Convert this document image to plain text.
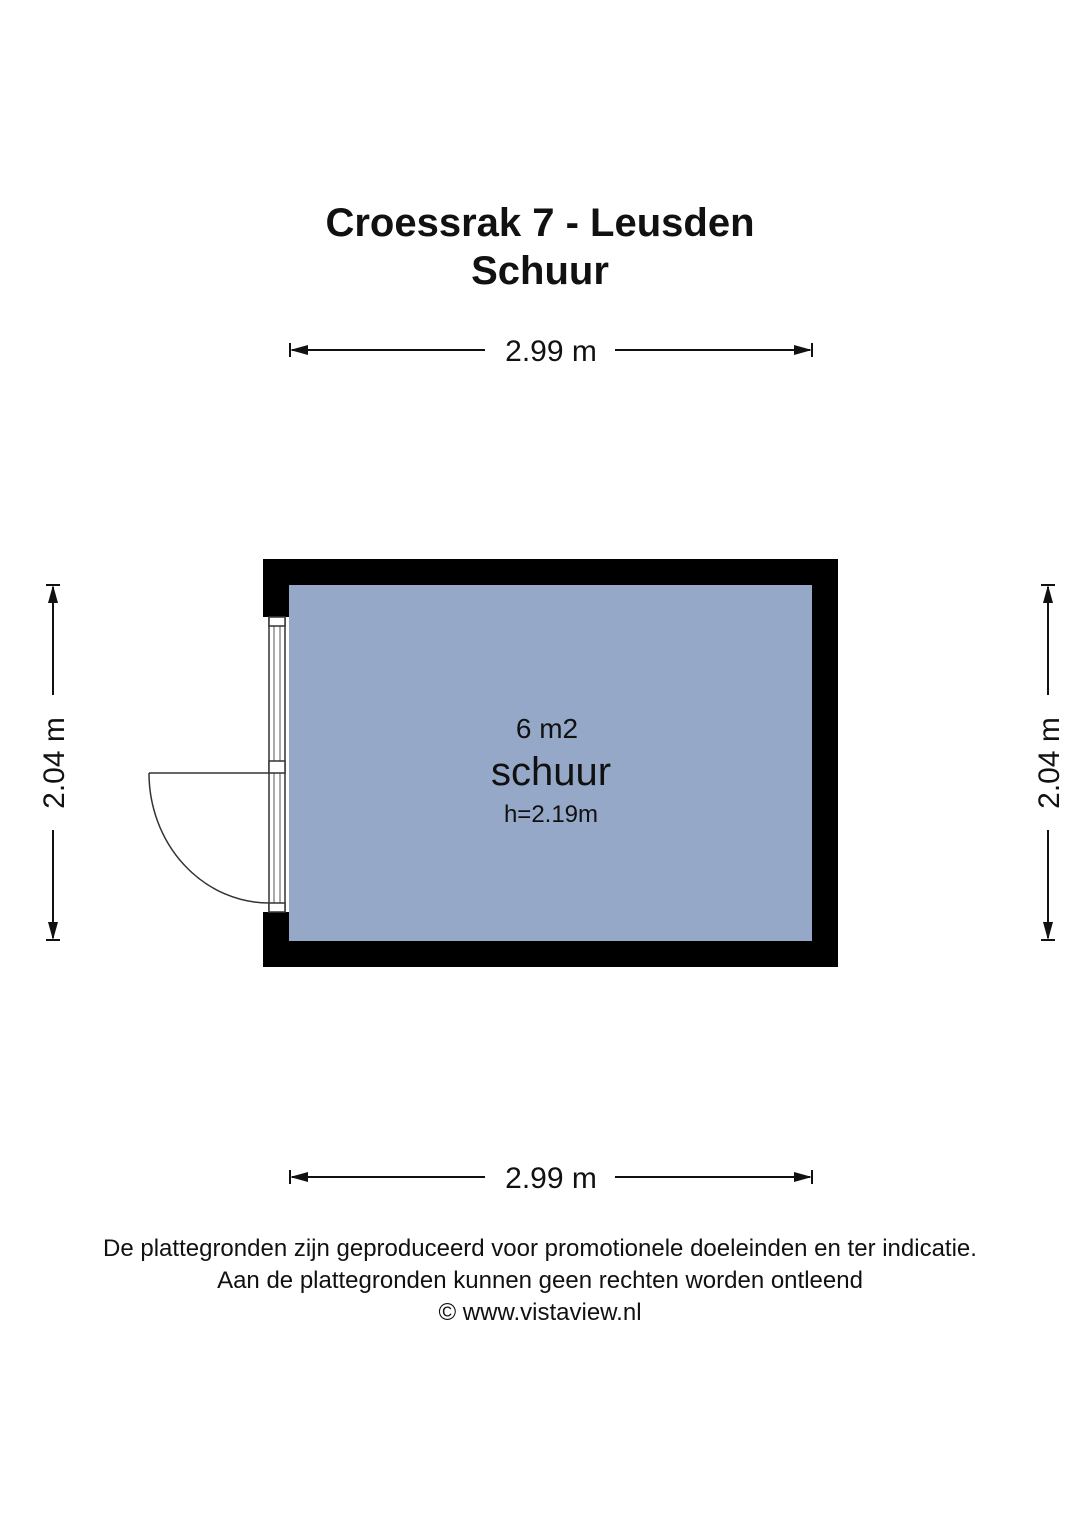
Croessrak 7 - Leusden
Schuur
2.99 m
2.99 m
2.04 m	2.04 m
6 m2
schuur
h=2.19m
De plattegronden zijn geproduceerd voor promotionele doeleinden en ter indicatie.
Aan de plattegronden kunnen geen rechten worden ontleend
© www.vistaview.nl
